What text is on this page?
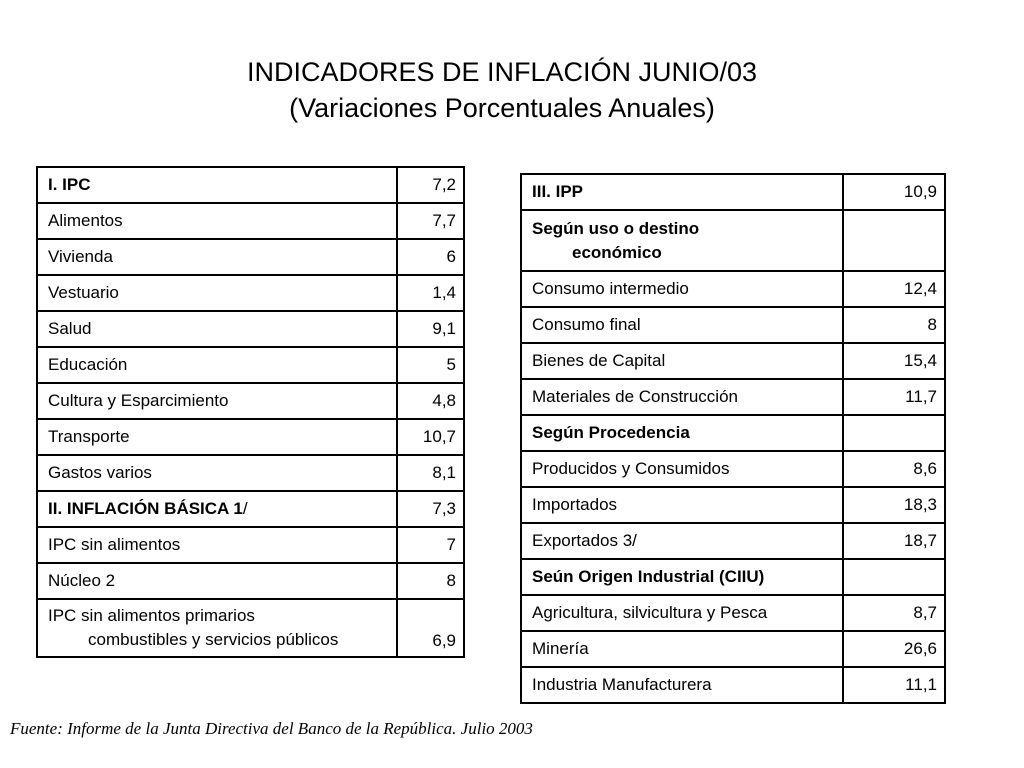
INDICADORES DE INFLACIÓN JUNIO/03
(Variaciones Porcentuales Anuales)
I. IPC	7,2
Alimentos	7,7
Vivienda	6
Vestuario	1,4
Salud	9,1
Educación	5
Cultura y Esparcimiento	4,8
Transporte	10,7
Gastos varios	8,1
II. INFLACIÓN BÁSICA 1/	7,3
IPC sin alimentos	7
Núcleo 2	8

IPC sin alimentos primarios
combustibles y servicios públicos	6,9
III. IPP	10,9

Según uso o destino
económico	

Consumo intermedio	12,4
Consumo final	8
Bienes de Capital	15,4
Materiales de Construcción	11,7
Según Procedencia	
Producidos y Consumidos	8,6
Importados	18,3
Exportados 3/	18,7
Seún Origen Industrial (CIIU)	
Agricultura, silvicultura y Pesca	8,7
Minería	26,6
Industria Manufacturera	11,1
Fuente: Informe de la Junta Directiva del Banco de la República. Julio 2003
